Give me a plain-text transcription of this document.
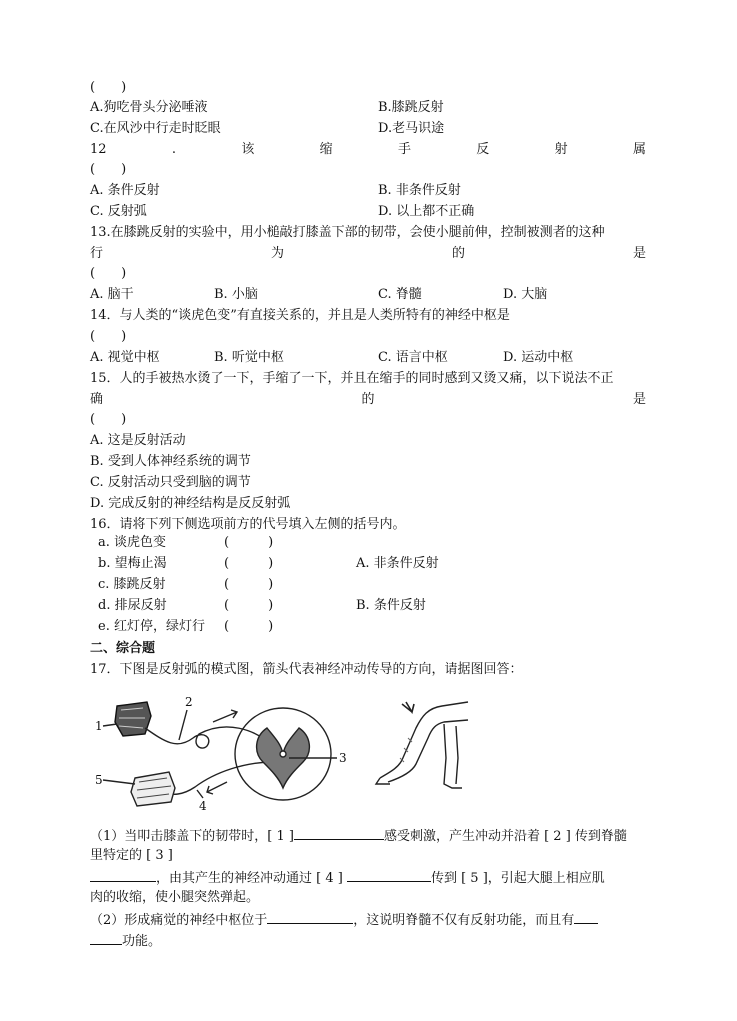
(　　)
A.狗吃骨头分泌唾液	B.膝跳反射
C.在风沙中行走时眨眼	D.老马识途
12	.	该	缩	手	反	射	属
(　　)
A. 条件反射	B. 非条件反射
C. 反射弧	D. 以上都不正确
13.在膝跳反射的实验中，用小槌敲打膝盖下部的韧带，会使小腿前伸，控制被测者的这种
行	为	的	是
(　　)
A. 脑干	B. 小脑	C. 脊髓	D. 大脑
14．与人类的“谈虎色变”有直接关系的，并且是人类所特有的神经中枢是
(　　)
A. 视觉中枢	B. 听觉中枢	C. 语言中枢	D. 运动中枢
15．人的手被热水烫了一下，手缩了一下，并且在缩手的同时感到又烫又痛，以下说法不正
确	的	是
(　　)
A. 这是反射活动
B. 受到人体神经系统的调节
C. 反射活动只受到脑的调节
D. 完成反射的神经结构是反反射弧
16．请将下列下侧选项前方的代号填入左侧的括号内。
a. 谈虎色变	(　　　)
b. 望梅止渴	(　　　)	A. 非条件反射
c. 膝跳反射	(　　　)
d. 排尿反射	(　　　)	B. 条件反射
e. 红灯停，绿灯行 (　　　)
二、综合题
17．下图是反射弧的模式图，箭头代表神经冲动传导的方向，请据图回答：
1
2
3
4
5
（1）当叩击膝盖下的韧带时，[ 1 ]	感受刺激，产生冲动并沿着 [ 2 ] 传到脊髓
里特定的 [ 3 ]
，由其产生的神经冲动通过 [ 4 ]	传到 [ 5 ]，引起大腿上相应肌
肉的收缩，使小腿突然弹起。
（2）形成痛觉的神经中枢位于	，这说明脊髓不仅有反射功能，而且有
功能。
